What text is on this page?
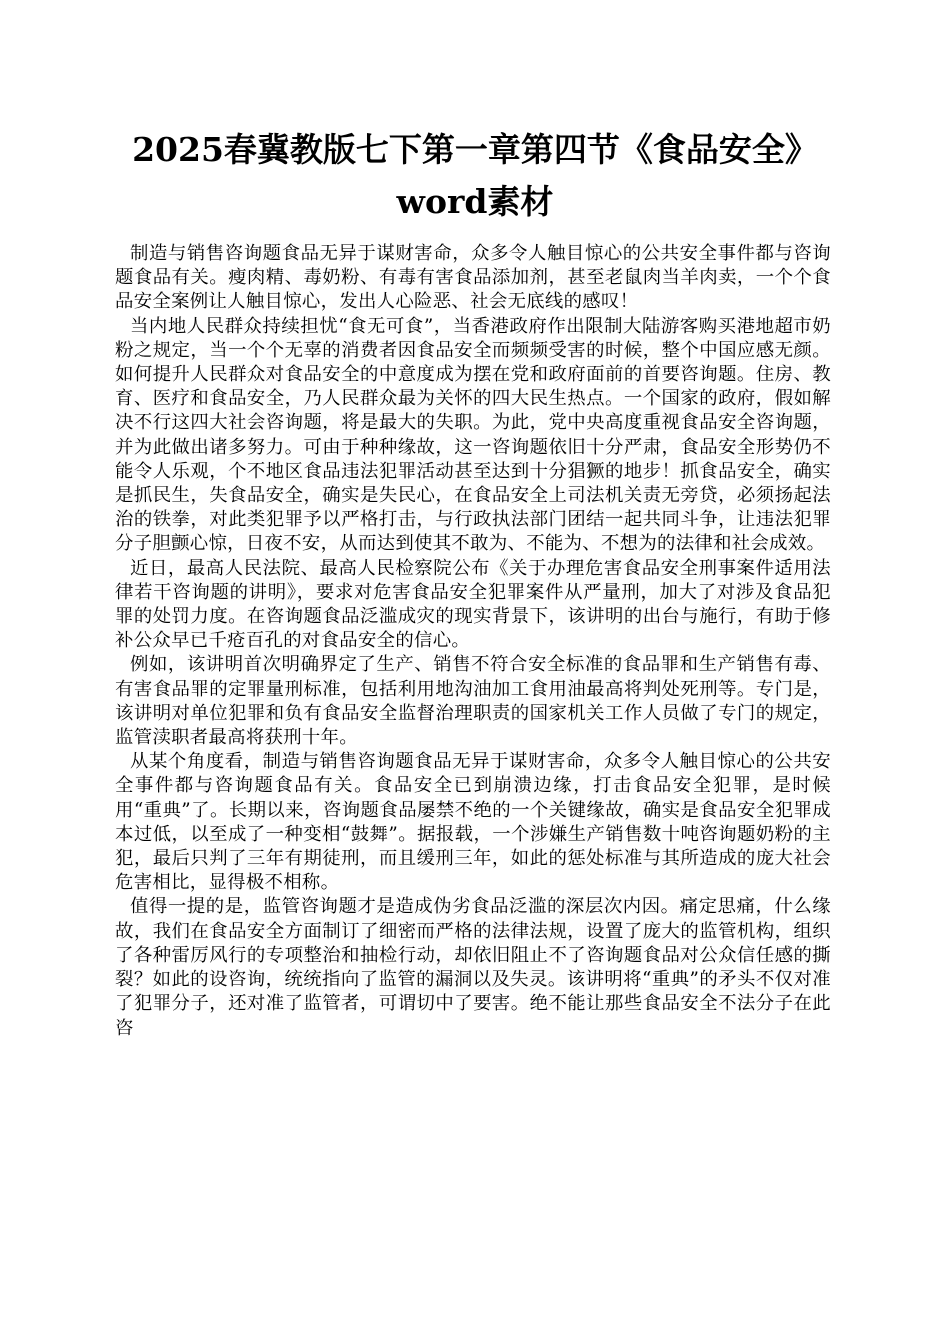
2025春冀教版七下第一章第四节《食品安全》word素材

制造与销售咨询题食品无异于谋财害命，众多令人触目惊心的公共安全事件都与咨询题食品有关。瘦肉精、毒奶粉、有毒有害食品添加剂，甚至老鼠肉当羊肉卖，一个个食品安全案例让人触目惊心，发出人心险恶、社会无底线的感叹！

当内地人民群众持续担忧“食无可食”，当香港政府作出限制大陆游客购买港地超市奶粉之规定，当一个个无辜的消费者因食品安全而频频受害的时候，整个中国应感无颜。如何提升人民群众对食品安全的中意度成为摆在党和政府面前的首要咨询题。住房、教育、医疗和食品安全，乃人民群众最为关怀的四大民生热点。一个国家的政府，假如解决不行这四大社会咨询题，将是最大的失职。为此，党中央高度重视食品安全咨询题，并为此做出诸多努力。可由于种种缘故，这一咨询题依旧十分严肃，食品安全形势仍不能令人乐观，个不地区食品违法犯罪活动甚至达到十分猖獗的地步！抓食品安全，确实是抓民生，失食品安全，确实是失民心，在食品安全上司法机关责无旁贷，必须扬起法治的铁拳，对此类犯罪予以严格打击，与行政执法部门团结一起共同斗争，让违法犯罪分子胆颤心惊，日夜不安，从而达到使其不敢为、不能为、不想为的法律和社会成效。

近日，最高人民法院、最高人民检察院公布《关于办理危害食品安全刑事案件适用法律若干咨询题的讲明》，要求对危害食品安全犯罪案件从严量刑，加大了对涉及食品犯罪的处罚力度。在咨询题食品泛滥成灾的现实背景下，该讲明的出台与施行，有助于修补公众早已千疮百孔的对食品安全的信心。

例如，该讲明首次明确界定了生产、销售不符合安全标准的食品罪和生产销售有毒、有害食品罪的定罪量刑标准，包括利用地沟油加工食用油最高将判处死刑等。专门是，该讲明对单位犯罪和负有食品安全监督治理职责的国家机关工作人员做了专门的规定，监管渎职者最高将获刑十年。

从某个角度看，制造与销售咨询题食品无异于谋财害命，众多令人触目惊心的公共安全事件都与咨询题食品有关。食品安全已到崩溃边缘，打击食品安全犯罪，是时候用“重典”了。长期以来，咨询题食品屡禁不绝的一个关键缘故，确实是食品安全犯罪成本过低，以至成了一种变相“鼓舞”。据报载，一个涉嫌生产销售数十吨咨询题奶粉的主犯，最后只判了三年有期徒刑，而且缓刑三年，如此的惩处标准与其所造成的庞大社会危害相比，显得极不相称。

值得一提的是，监管咨询题才是造成伪劣食品泛滥的深层次内因。痛定思痛，什么缘故，我们在食品安全方面制订了细密而严格的法律法规，设置了庞大的监管机构，组织了各种雷厉风行的专项整治和抽检行动，却依旧阻止不了咨询题食品对公众信任感的撕裂？如此的设咨询，统统指向了监管的漏洞以及失灵。该讲明将“重典”的矛头不仅对准了犯罪分子，还对准了监管者，可谓切中了要害。绝不能让那些食品安全不法分子在此咨
